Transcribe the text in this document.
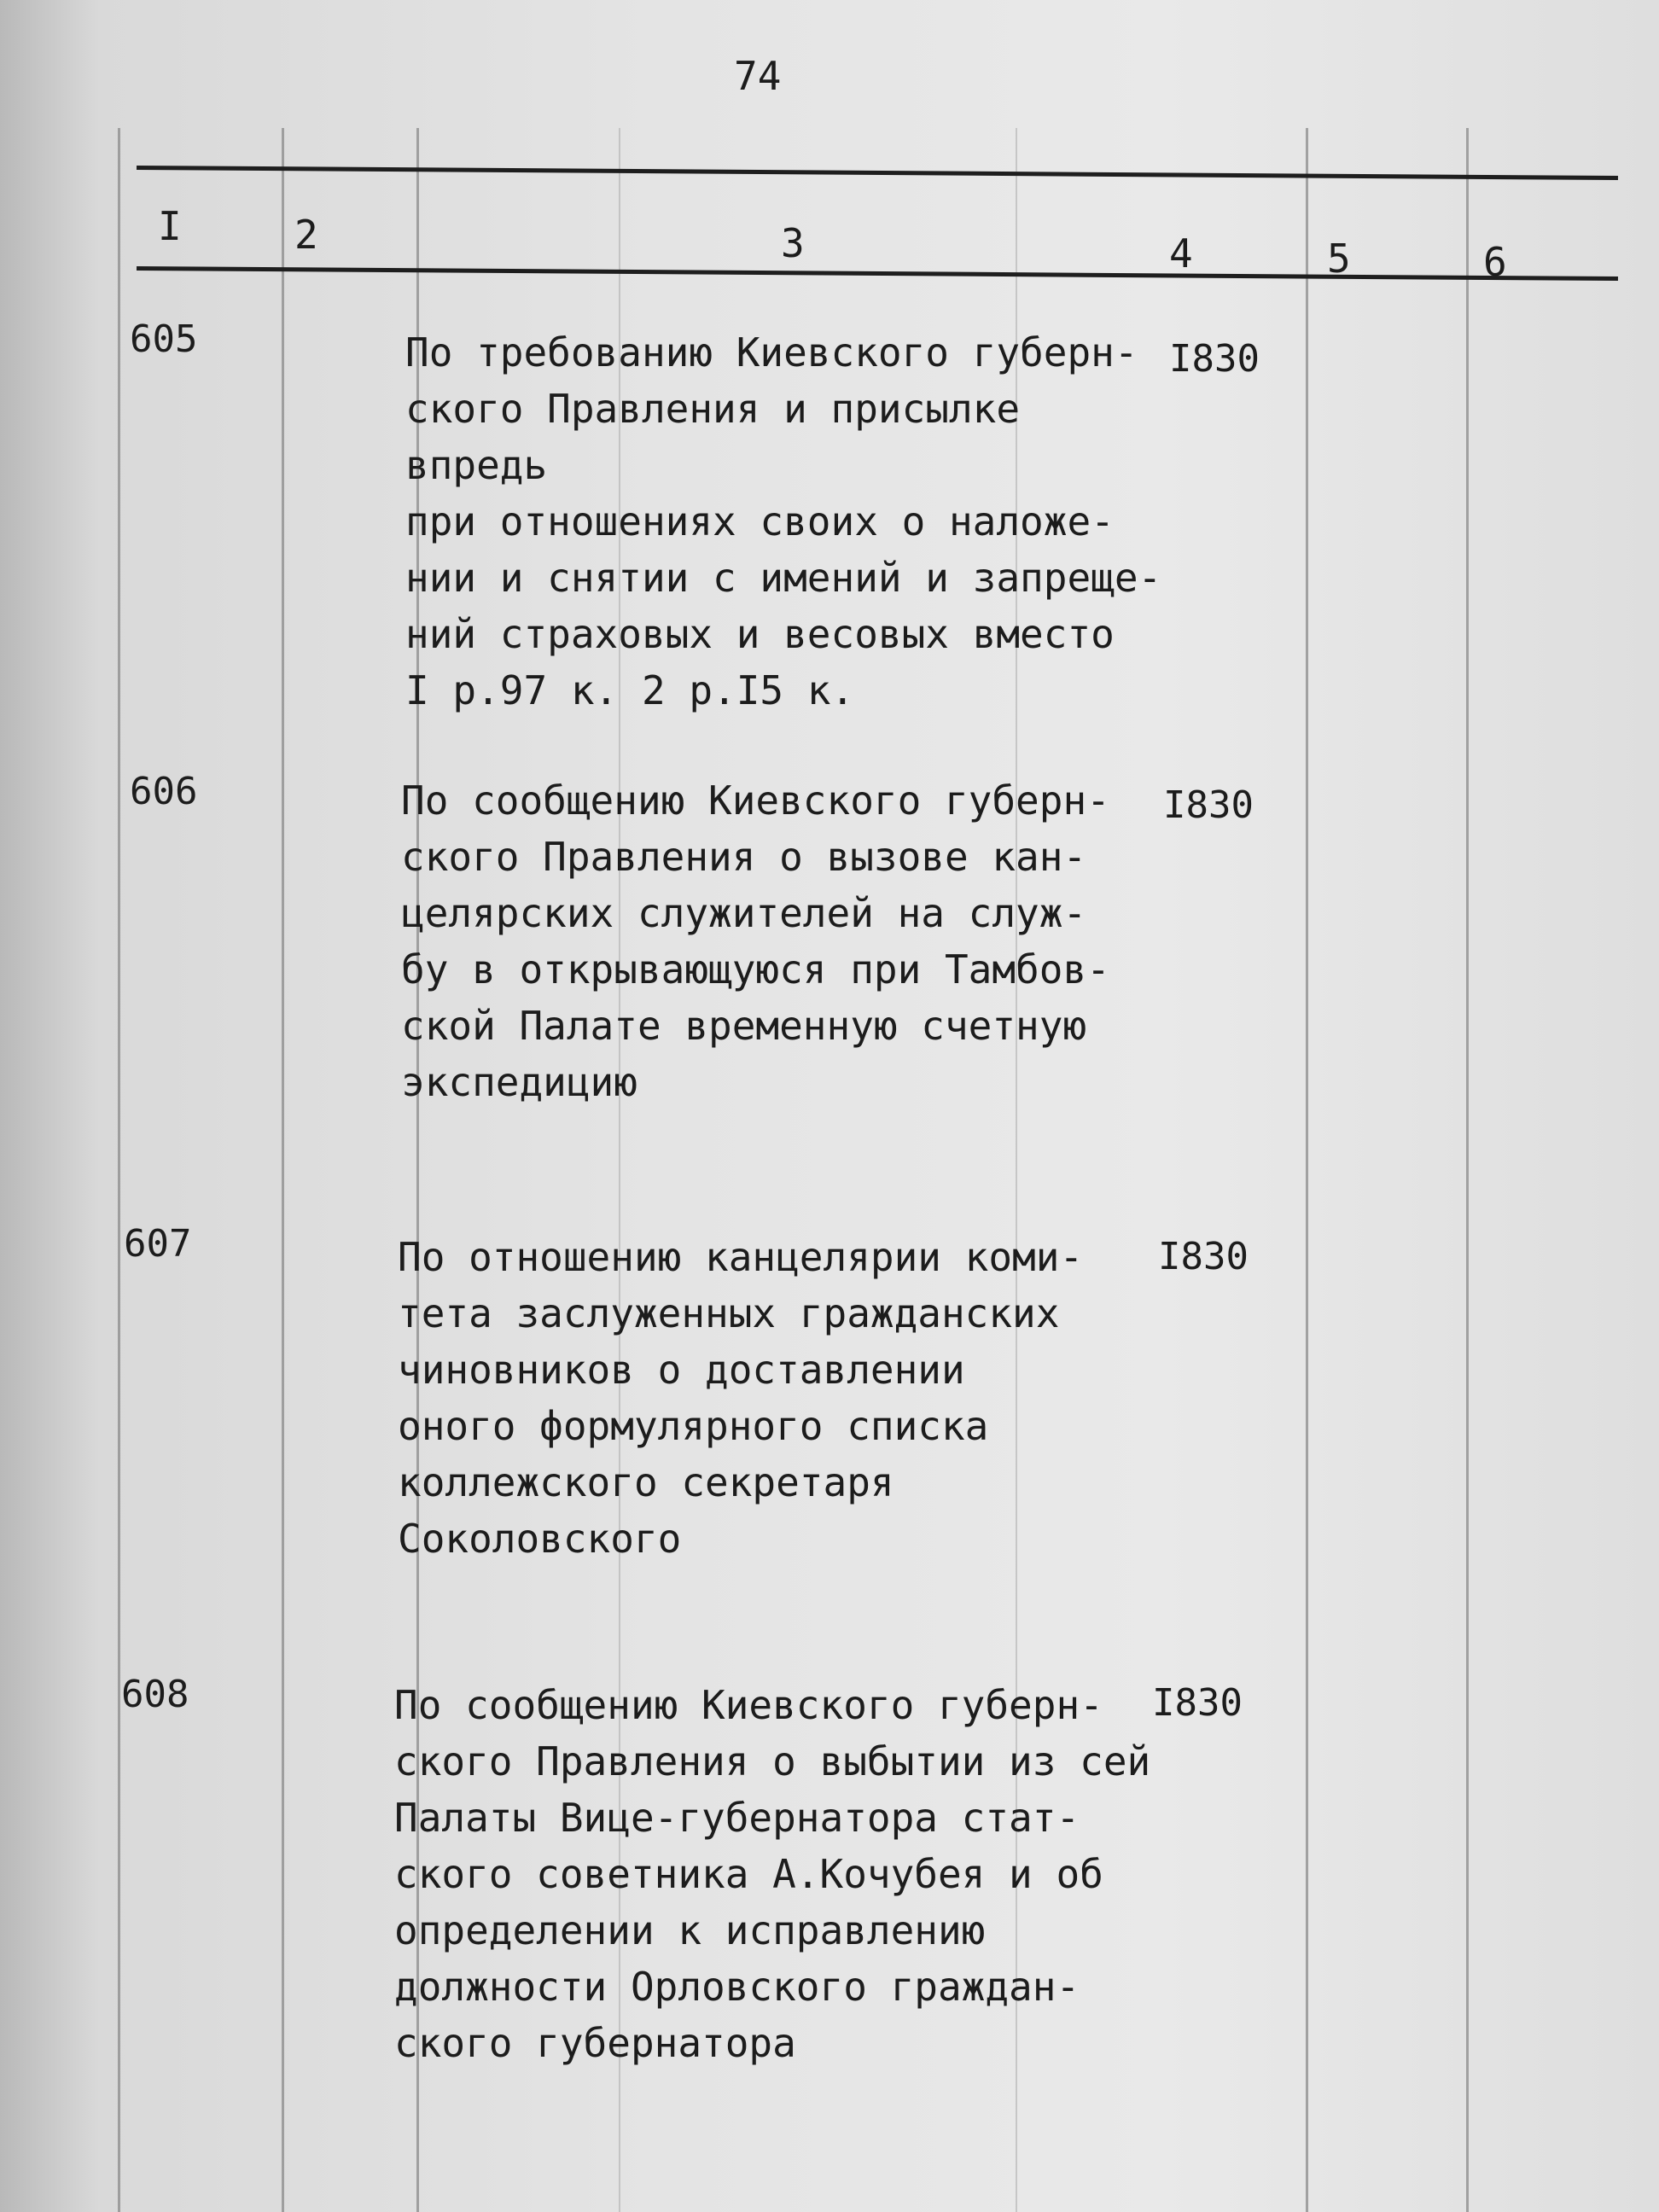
74
I	2	3	4	5	6
605	По требованию Киевского губерн-
ского Правления и присылке впредь
при отношениях своих о наложе-
нии и снятии с имений и запреще-
ний страховых и весовых вместо
I р.97 к. 2 р.I5 к.
I830
606	По сообщению Киевского губерн-
ского Правления о вызове кан-
целярских служителей на служ-
бу в открывающуюся при Тамбов-
ской Палате временную счетную
экспедицию
I830
607	По отношению канцелярии коми-
тета заслуженных гражданских
чиновников о доставлении
оного формулярного списка
коллежского секретаря
Соколовского
I830
608	По сообщению Киевского губерн-
ского Правления о выбытии из сей
Палаты Вице-губернатора стат-
ского советника А.Кочубея и об
определении к исправлению
должности Орловского граждан-
ского губернатора
I830
